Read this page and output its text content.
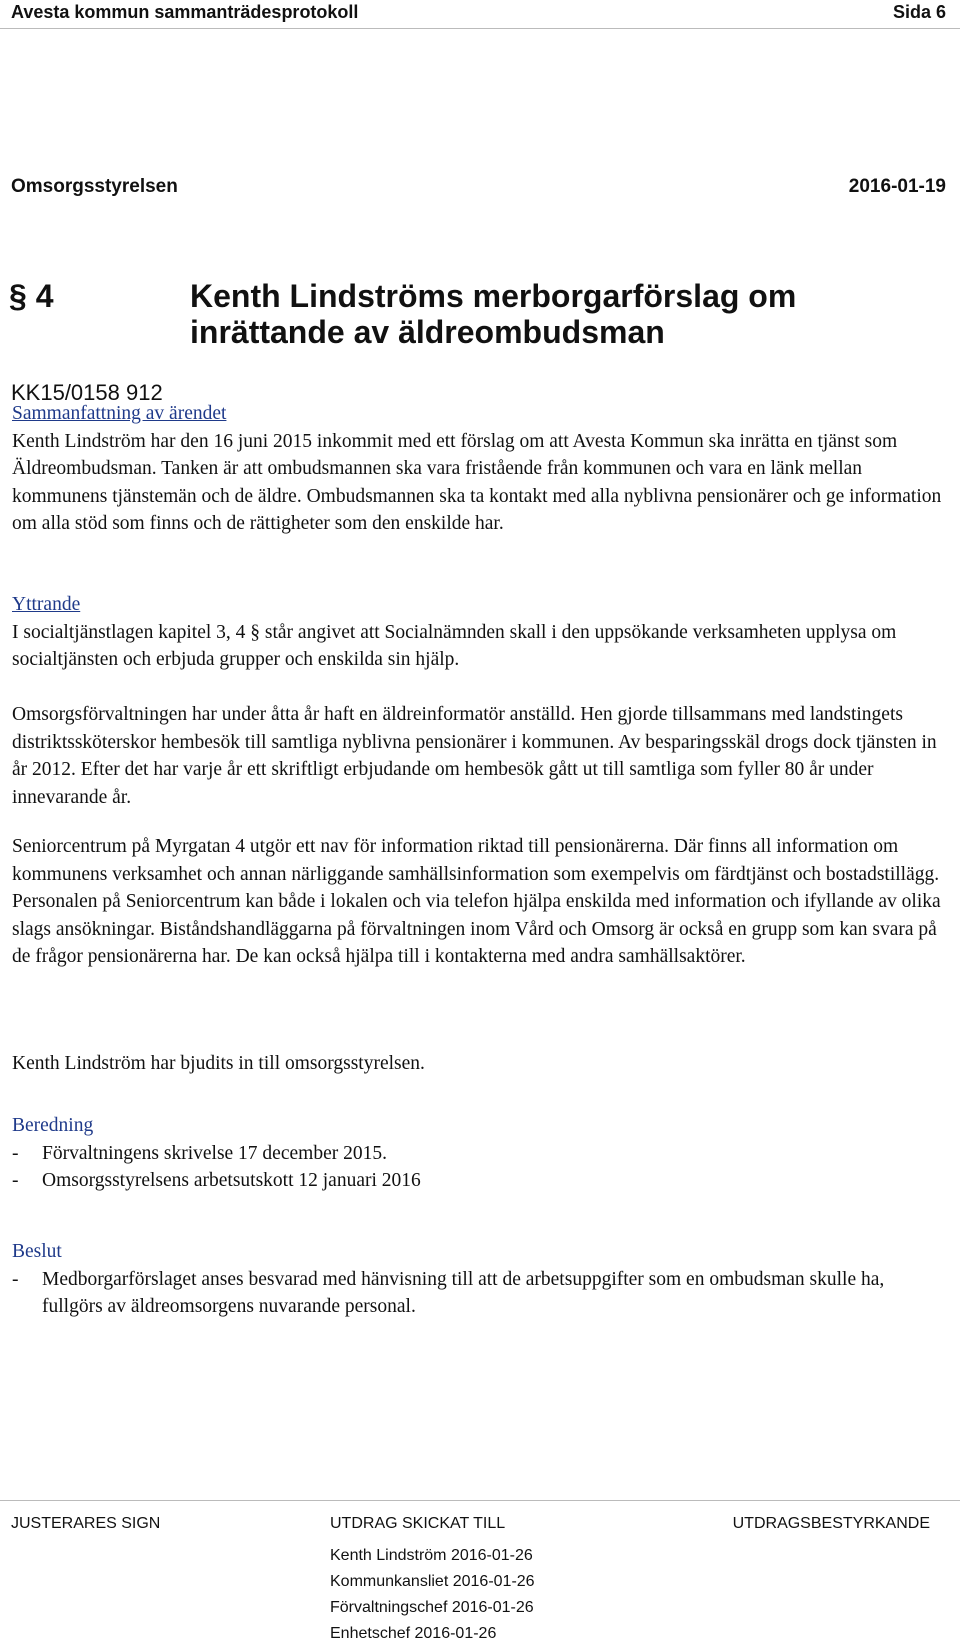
Avesta kommun sammanträdesprotokoll	Sida 6
Omsorgsstyrelsen	2016-01-19
§ 4	Kenth Lindströms merborgarförslag om
inrättande av äldreombudsman
KK15/0158 912
Sammanfattning av ärendet
Kenth Lindström har den 16 juni 2015 inkommit med ett förslag om att Avesta Kommun ska inrätta en tjänst som Äldreombudsman. Tanken är att ombudsmannen ska vara fristående från kommunen och vara en länk mellan kommunens tjänstemän och de äldre. Ombudsmannen ska ta kontakt med alla nyblivna pensionärer och ge information om alla stöd som finns och de rättigheter som den enskilde har.
Yttrande
I socialtjänstlagen kapitel 3, 4 § står angivet att Socialnämnden skall i den uppsökande verksamheten upplysa om socialtjänsten och erbjuda grupper och enskilda sin hjälp.
Omsorgsförvaltningen har under åtta år haft en äldreinformatör anställd. Hen gjorde tillsammans med landstingets distriktssköterskor hembesök till samtliga nyblivna pensionärer i kommunen. Av besparingsskäl drogs dock tjänsten in år 2012. Efter det har varje år ett skriftligt erbjudande om hembesök gått ut till samtliga som fyller 80 år under innevarande år.
Seniorcentrum på Myrgatan 4 utgör ett nav för information riktad till pensionärerna. Där finns all information om kommunens verksamhet och annan närliggande samhällsinformation som exempelvis om färdtjänst och bostadstillägg. Personalen på Seniorcentrum kan både i lokalen och via telefon hjälpa enskilda med information och ifyllande av olika slags ansökningar. Biståndshandläggarna på förvaltningen inom Vård och Omsorg är också en grupp som kan svara på de frågor pensionärerna har. De kan också hjälpa till i kontakterna med andra samhällsaktörer.
Kenth Lindström har bjudits in till omsorgsstyrelsen.
Beredning
- Förvaltningens skrivelse 17 december 2015.
- Omsorgsstyrelsens arbetsutskott 12 januari 2016
Beslut
- Medborgarförslaget anses besvarad med hänvisning till att de arbetsuppgifter som en ombudsman skulle ha, fullgörs av äldreomsorgens nuvarande personal.
JUSTERARES SIGN	UTDRAG SKICKAT TILL	UTDRAGSBESTYRKANDE
Kenth Lindström 2016-01-26
Kommunkansliet 2016-01-26
Förvaltningschef 2016-01-26
Enhetschef 2016-01-26
